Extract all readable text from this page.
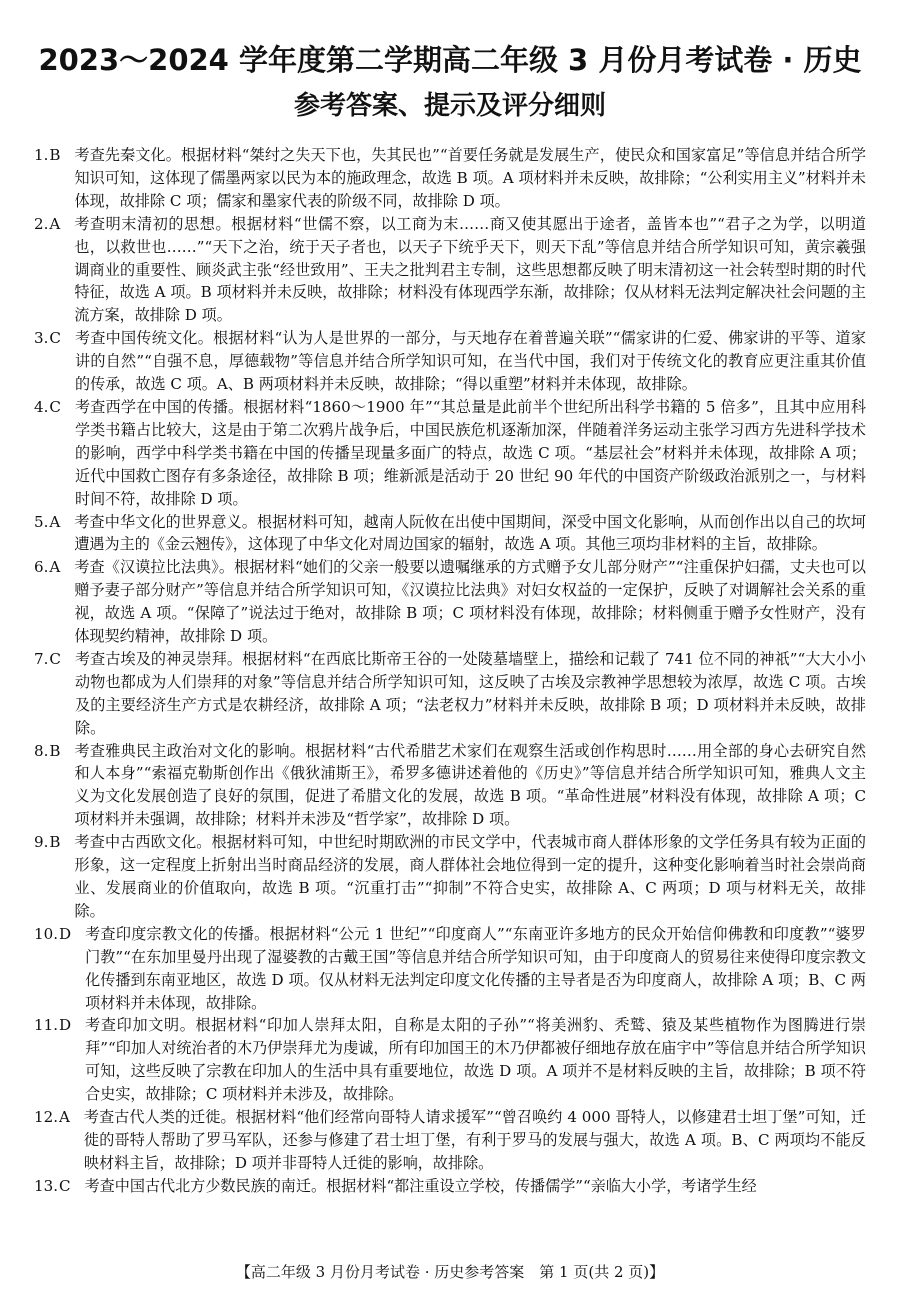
2023～2024 学年度第二学期高二年级 3 月份月考试卷 · 历史
参考答案、提示及评分细则
1.B 考查先秦文化。根据材料“桀纣之失天下也，失其民也”“首要任务就是发展生产，使民众和国家富足”等信息并结合所学知识可知，这体现了儒墨两家以民为本的施政理念，故选 B 项。A 项材料并未反映，故排除；“公利实用主义”材料并未体现，故排除 C 项；儒家和墨家代表的阶级不同，故排除 D 项。
2.A 考查明末清初的思想。根据材料“世儒不察，以工商为末……商又使其愿出于途者，盖皆本也”“君子之为学，以明道也，以救世也……”“天下之治，统于天子者也，以天子下统乎天下，则天下乱”等信息并结合所学知识可知，黄宗羲强调商业的重要性、顾炎武主张“经世致用”、王夫之批判君主专制，这些思想都反映了明末清初这一社会转型时期的时代特征，故选 A 项。B 项材料并未反映，故排除；材料没有体现西学东渐，故排除；仅从材料无法判定解决社会问题的主流方案，故排除 D 项。
3.C 考查中国传统文化。根据材料“认为人是世界的一部分，与天地存在着普遍关联”“儒家讲的仁爱、佛家讲的平等、道家讲的自然”“自强不息，厚德载物”等信息并结合所学知识可知，在当代中国，我们对于传统文化的教育应更注重其价值的传承，故选 C 项。A、B 两项材料并未反映，故排除；“得以重塑”材料并未体现，故排除。
4.C 考查西学在中国的传播。根据材料“1860～1900 年”“其总量是此前半个世纪所出科学书籍的 5 倍多”，且其中应用科学类书籍占比较大，这是由于第二次鸦片战争后，中国民族危机逐渐加深，伴随着洋务运动主张学习西方先进科学技术的影响，西学中科学类书籍在中国的传播呈现量多面广的特点，故选 C 项。“基层社会”材料并未体现，故排除 A 项；近代中国救亡图存有多条途径，故排除 B 项；维新派是活动于 20 世纪 90 年代的中国资产阶级政治派别之一，与材料时间不符，故排除 D 项。
5.A 考查中华文化的世界意义。根据材料可知，越南人阮攸在出使中国期间，深受中国文化影响，从而创作出以自己的坎坷遭遇为主的《金云翘传》，这体现了中华文化对周边国家的辐射，故选 A 项。其他三项均非材料的主旨，故排除。
6.A 考查《汉谟拉比法典》。根据材料“她们的父亲一般要以遗嘱继承的方式赠予女儿部分财产”“注重保护妇孺，丈夫也可以赠予妻子部分财产”等信息并结合所学知识可知，《汉谟拉比法典》对妇女权益的一定保护，反映了对调解社会关系的重视，故选 A 项。“保障了”说法过于绝对，故排除 B 项；C 项材料没有体现，故排除；材料侧重于赠予女性财产，没有体现契约精神，故排除 D 项。
7.C 考查古埃及的神灵崇拜。根据材料“在西底比斯帝王谷的一处陵墓墙壁上，描绘和记载了 741 位不同的神祇”“大大小小动物也都成为人们崇拜的对象”等信息并结合所学知识可知，这反映了古埃及宗教神学思想较为浓厚，故选 C 项。古埃及的主要经济生产方式是农耕经济，故排除 A 项；“法老权力”材料并未反映，故排除 B 项；D 项材料并未反映，故排除。
8.B 考查雅典民主政治对文化的影响。根据材料“古代希腊艺术家们在观察生活或创作构思时……用全部的身心去研究自然和人本身”“索福克勒斯创作出《俄狄浦斯王》，希罗多德讲述着他的《历史》”等信息并结合所学知识可知，雅典人文主义为文化发展创造了良好的氛围，促进了希腊文化的发展，故选 B 项。“革命性进展”材料没有体现，故排除 A 项；C 项材料并未强调，故排除；材料并未涉及“哲学家”，故排除 D 项。
9.B 考查中古西欧文化。根据材料可知，中世纪时期欧洲的市民文学中，代表城市商人群体形象的文学任务具有较为正面的形象，这一定程度上折射出当时商品经济的发展，商人群体社会地位得到一定的提升，这种变化影响着当时社会崇尚商业、发展商业的价值取向，故选 B 项。“沉重打击”“抑制”不符合史实，故排除 A、C 两项；D 项与材料无关，故排除。
10.D 考查印度宗教文化的传播。根据材料“公元 1 世纪”“印度商人”“东南亚许多地方的民众开始信仰佛教和印度教”“婆罗门教”“在东加里曼丹出现了湿婆教的古戴王国”等信息并结合所学知识可知，由于印度商人的贸易往来使得印度宗教文化传播到东南亚地区，故选 D 项。仅从材料无法判定印度文化传播的主导者是否为印度商人，故排除 A 项；B、C 两项材料并未体现，故排除。
11.D 考查印加文明。根据材料“印加人崇拜太阳，自称是太阳的子孙”“将美洲豹、秃鹫、猿及某些植物作为图腾进行崇拜”“印加人对统治者的木乃伊崇拜尤为虔诚，所有印加国王的木乃伊都被仔细地存放在庙宇中”等信息并结合所学知识可知，这些反映了宗教在印加人的生活中具有重要地位，故选 D 项。A 项并不是材料反映的主旨，故排除；B 项不符合史实，故排除；C 项材料并未涉及，故排除。
12.A 考查古代人类的迁徙。根据材料“他们经常向哥特人请求援军”“曾召唤约 4 000 哥特人，以修建君士坦丁堡”可知，迁徙的哥特人帮助了罗马军队，还参与修建了君士坦丁堡，有利于罗马的发展与强大，故选 A 项。B、C 两项均不能反映材料主旨，故排除；D 项并非哥特人迁徙的影响，故排除。
13.C 考查中国古代北方少数民族的南迁。根据材料“都注重设立学校，传播儒学”“亲临大小学，考诸学生经
【高二年级 3 月份月考试卷 · 历史参考答案　第 1 页(共 2 页)】
